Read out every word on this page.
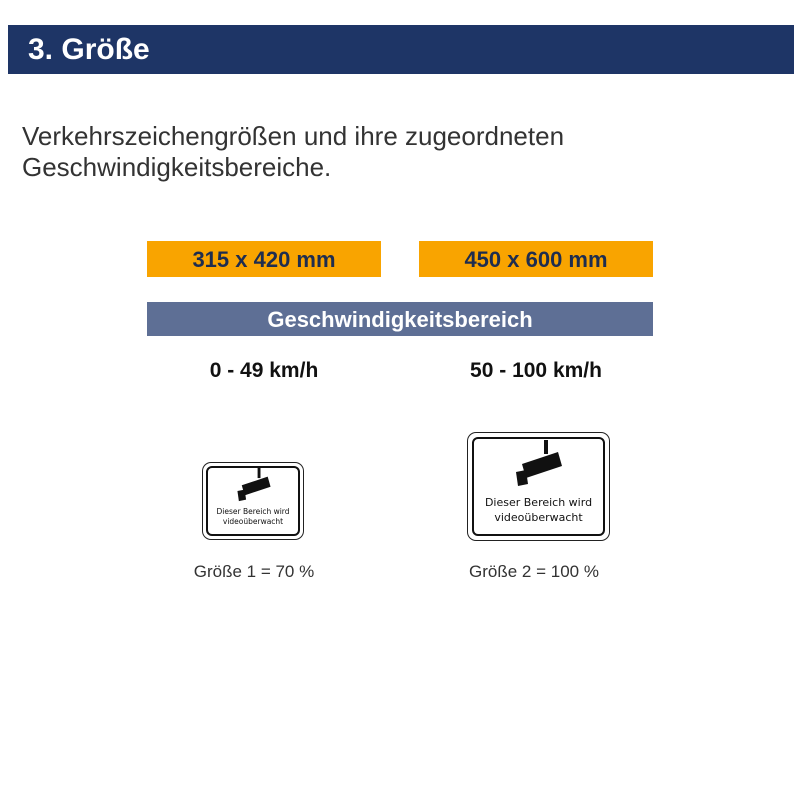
3. Größe
Verkehrszeichengrößen und ihre zugeordneten
Geschwindigkeitsbereiche.
315 x 420 mm	450 x 600 mm
Geschwindigkeitsbereich
0 - 49 km/h	50 - 100 km/h
Dieser Bereich wird
videoüberwacht
Dieser Bereich wird
videoüberwacht
Größe 1 = 70 %	Größe 2 = 100 %
